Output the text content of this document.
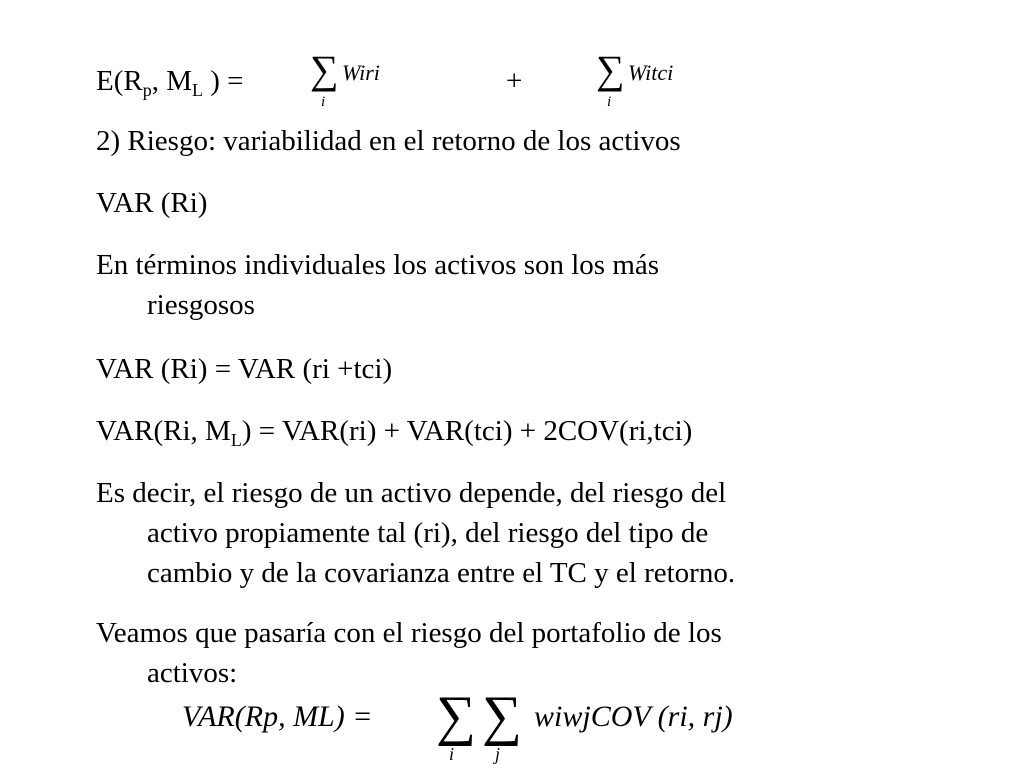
$E(R_p$, $M_L$ ) = ∑
i
Wiri	+ ∑
i
Witci
2) Riesgo: variabilidad en el retorno de los activos
VAR (Ri)
En términos individuales los activos son los más
riesgosos
VAR (Ri) = VAR (ri +tci)
VAR(Ri, $M_L) = VAR(ri) + VAR(tci) + 2COV(ri,tci)$
Es decir, el riesgo de un activo depende, del riesgo del
activo propiamente tal (ri), del riesgo del tipo de
cambio y de la covarianza entre el TC y el retorno.
Veamos que pasaría con el riesgo del portafolio de los
activos:
VAR(Rp, ML) = ∑
i
∑
j
wiwjCOV (ri, rj)
